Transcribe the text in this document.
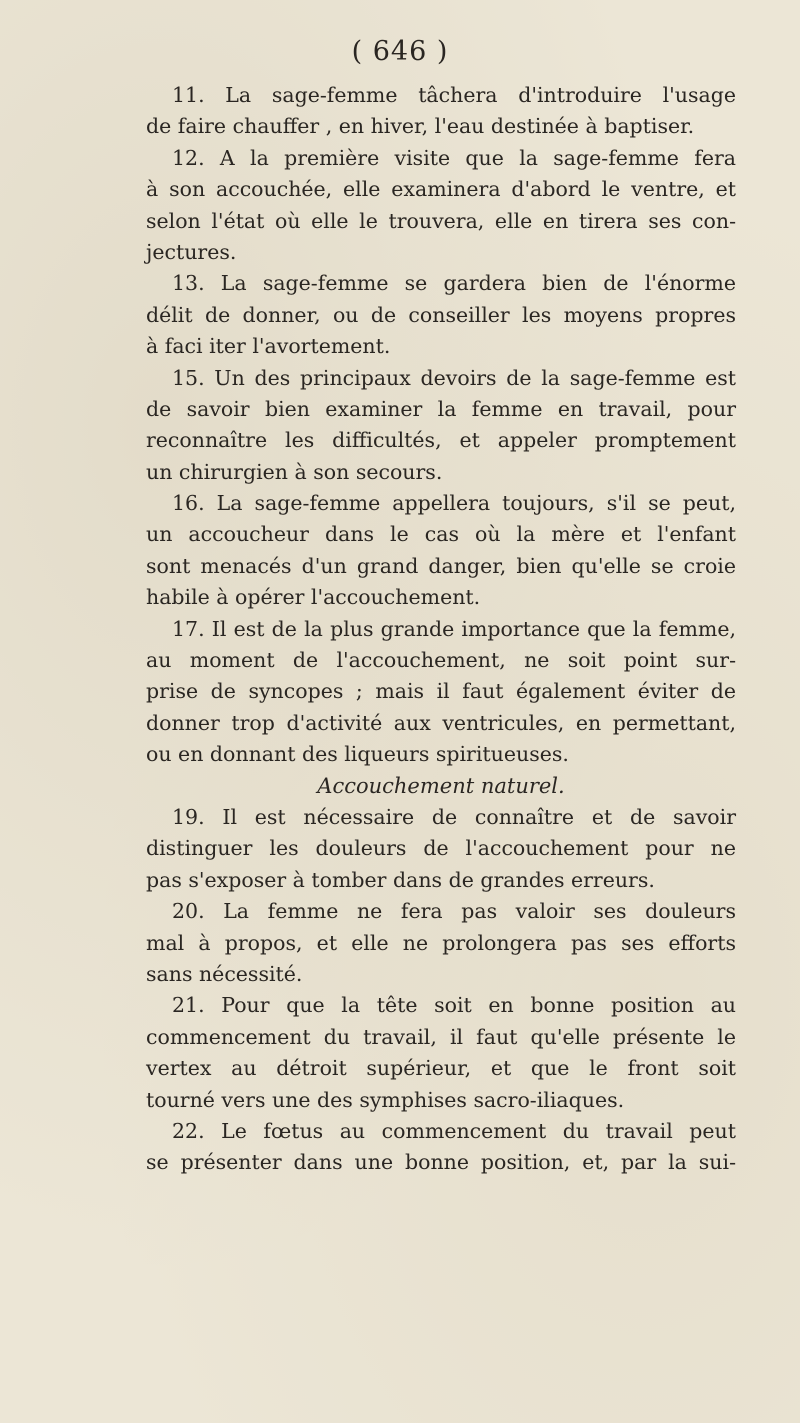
( 646 )
11. La sage-femme tâchera d'introduire l'usage
de faire chauffer , en hiver, l'eau destinée à baptiser.
12. A la première visite que la sage-femme fera
à son accouchée, elle examinera d'abord le ventre, et
selon l'état où elle le trouvera, elle en tirera ses con-
jectures.
13. La sage-femme se gardera bien de l'énorme
délit de donner, ou de conseiller les moyens propres
à faci iter l'avortement.
15. Un des principaux devoirs de la sage-femme est
de savoir bien examiner la femme en travail, pour
reconnaître les difficultés, et appeler promptement
un chirurgien à son secours.
16. La sage-femme appellera toujours, s'il se peut,
un accoucheur dans le cas où la mère et l'enfant
sont menacés d'un grand danger, bien qu'elle se croie
habile à opérer l'accouchement.
17. Il est de la plus grande importance que la femme,
au moment de l'accouchement, ne soit point sur-
prise de syncopes ; mais il faut également éviter de
donner trop d'activité aux ventricules, en permettant,
ou en donnant des liqueurs spiritueuses.
Accouchement naturel.
19. Il est nécessaire de connaître et de savoir
distinguer les douleurs de l'accouchement pour ne
pas s'exposer à tomber dans de grandes erreurs.
20. La femme ne fera pas valoir ses douleurs
mal à propos, et elle ne prolongera pas ses efforts
sans nécessité.
21. Pour que la tête soit en bonne position au
commencement du travail, il faut qu'elle présente le
vertex au détroit supérieur, et que le front soit
tourné vers une des symphises sacro-iliaques.
22. Le fœtus au commencement du travail peut
se présenter dans une bonne position, et, par la sui-
